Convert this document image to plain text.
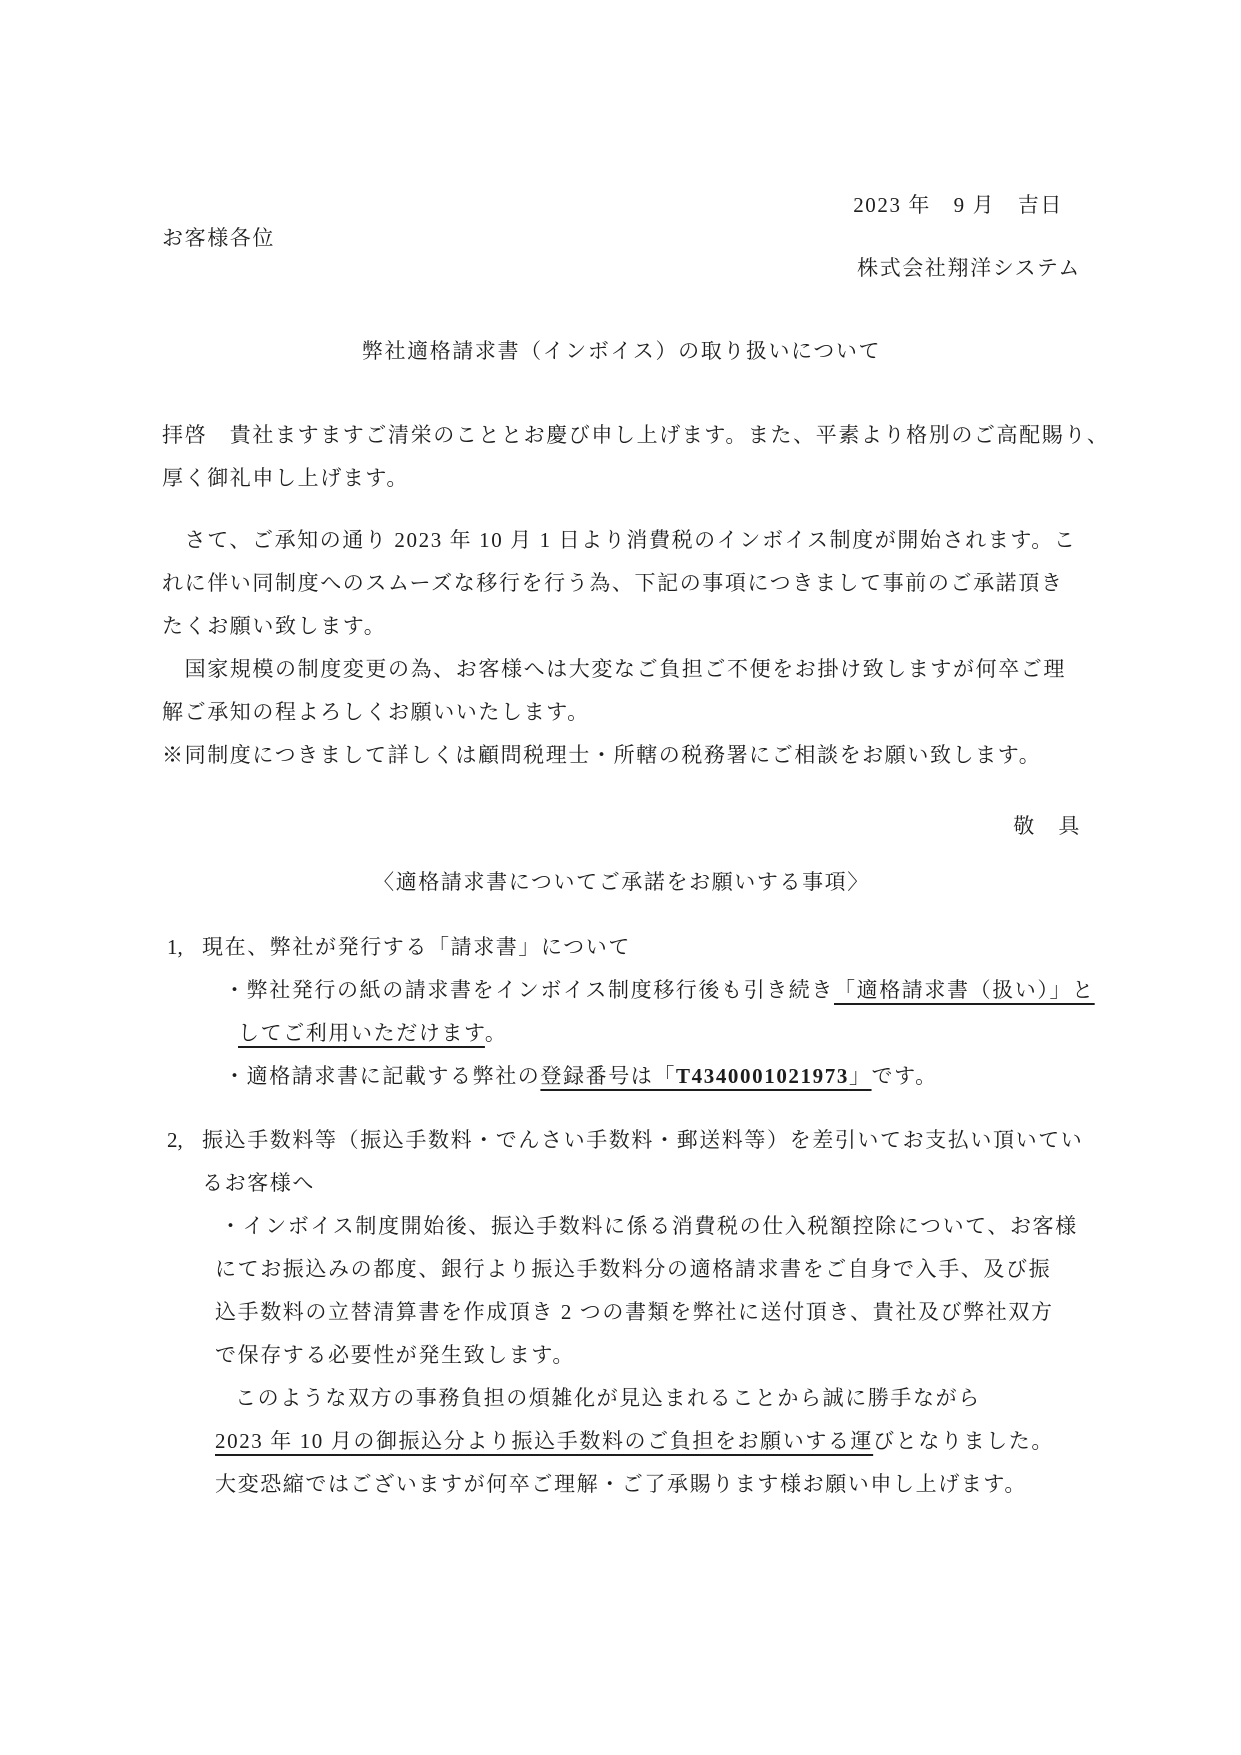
2023 年　9 月　吉日
お客様各位
株式会社翔洋システム
弊社適格請求書（インボイス）の取り扱いについて
拝啓　貴社ますますご清栄のこととお慶び申し上げます。また、平素より格別のご高配賜り、
厚く御礼申し上げます。
　さて、ご承知の通り 2023 年 10 月 1 日より消費税のインボイス制度が開始されます。こ
れに伴い同制度へのスムーズな移行を行う為、下記の事項につきまして事前のご承諾頂き
たくお願い致します。
　国家規模の制度変更の為、お客様へは大変なご負担ご不便をお掛け致しますが何卒ご理
解ご承知の程よろしくお願いいたします。
※同制度につきまして詳しくは顧問税理士・所轄の税務署にご相談をお願い致します。
敬　具
〈適格請求書についてご承諾をお願いする事項〉
1, 現在、弊社が発行する「請求書」について
・弊社発行の紙の請求書をインボイス制度移行後も引き続き「適格請求書（扱い）」と
してご利用いただけます。
・適格請求書に記載する弊社の登録番号は「T4340001021973」です。
2, 振込手数料等（振込手数料・でんさい手数料・郵送料等）を差引いてお支払い頂いてい
るお客様へ
・インボイス制度開始後、振込手数料に係る消費税の仕入税額控除について、お客様
にてお振込みの都度、銀行より振込手数料分の適格請求書をご自身で入手、及び振
込手数料の立替清算書を作成頂き 2 つの書類を弊社に送付頂き、貴社及び弊社双方
で保存する必要性が発生致します。
このような双方の事務負担の煩雑化が見込まれることから誠に勝手ながら
2023 年 10 月の御振込分より振込手数料のご負担をお願いする運びとなりました。
大変恐縮ではございますが何卒ご理解・ご了承賜ります様お願い申し上げます。
